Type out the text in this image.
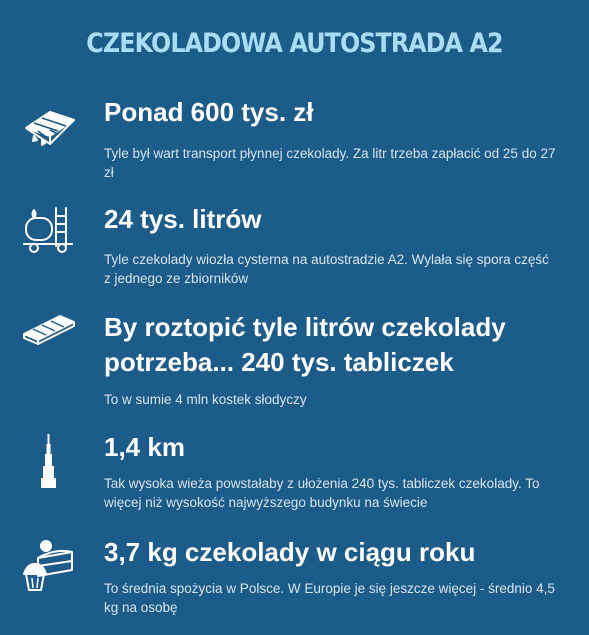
CZEKOLADOWA AUTOSTRADA A2
Ponad 600 tys. zł
Tyle był wart transport płynnej czekolady. Za litr trzeba zapłacić od 25 do 27 zł
24 tys. litrów
Tyle czekolady wiozła cysterna na autostradzie A2. Wylała się spora część z jednego ze zbiorników
By roztopić tyle litrów czekolady potrzeba... 240 tys. tabliczek
To w sumie 4 mln kostek słodyczy
1,4 km
Tak wysoka wieża powstałaby z ułożenia 240 tys. tabliczek czekolady. To więcej niż wysokość najwyższego budynku na świecie
3,7 kg czekolady w ciągu roku
To średnia spożycia w Polsce. W Europie je się jeszcze więcej - średnio 4,5 kg na osobę
